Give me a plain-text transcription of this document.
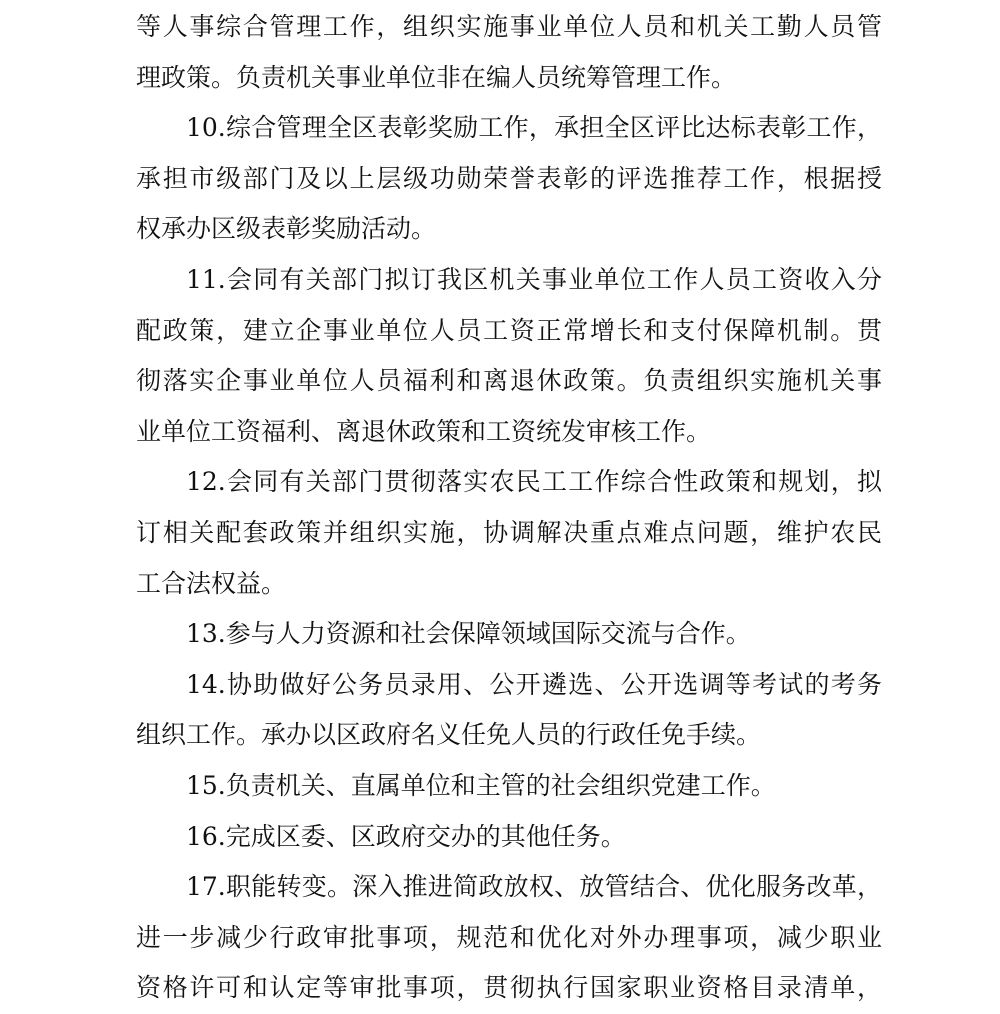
等人事综合管理工作，组织实施事业单位人员和机关工勤人员管
理政策。负责机关事业单位非在编人员统筹管理工作。
10.综合管理全区表彰奖励工作，承担全区评比达标表彰工作，
承担市级部门及以上层级功勋荣誉表彰的评选推荐工作，根据授
权承办区级表彰奖励活动。
11.会同有关部门拟订我区机关事业单位工作人员工资收入分
配政策，建立企事业单位人员工资正常增长和支付保障机制。贯
彻落实企事业单位人员福利和离退休政策。负责组织实施机关事
业单位工资福利、离退休政策和工资统发审核工作。
12.会同有关部门贯彻落实农民工工作综合性政策和规划，拟
订相关配套政策并组织实施，协调解决重点难点问题，维护农民
工合法权益。
13.参与人力资源和社会保障领域国际交流与合作。
14.协助做好公务员录用、公开遴选、公开选调等考试的考务
组织工作。承办以区政府名义任免人员的行政任免手续。
15.负责机关、直属单位和主管的社会组织党建工作。
16.完成区委、区政府交办的其他任务。
17.职能转变。深入推进简政放权、放管结合、优化服务改革，
进一步减少行政审批事项，规范和优化对外办理事项，减少职业
资格许可和认定等审批事项，贯彻执行国家职业资格目录清单，
